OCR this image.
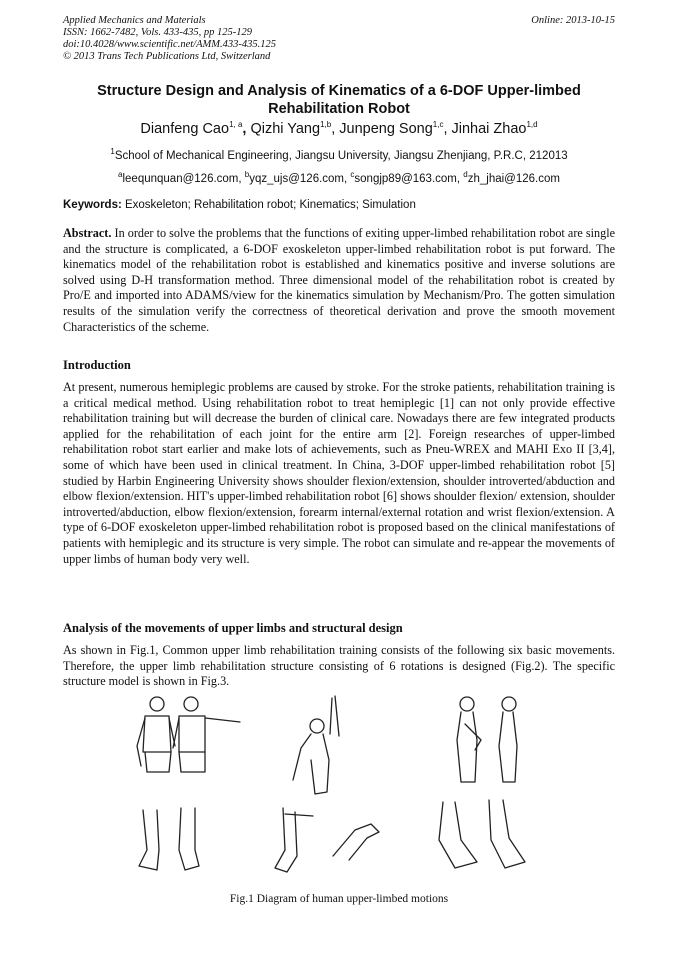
Applied Mechanics and Materials
ISSN: 1662-7482, Vols. 433-435, pp 125-129
doi:10.4028/www.scientific.net/AMM.433-435.125
© 2013 Trans Tech Publications Ltd, Switzerland
Online: 2013-10-15
Structure Design and Analysis of Kinematics of a 6-DOF Upper-limbed Rehabilitation Robot
Dianfeng Cao$^{1, a}$, Qizhi Yang$^{1,b}$, Junpeng Song$^{1,c}$, Jinhai Zhao$^{1,d}$
$^1$School of Mechanical Engineering, Jiangsu University, Jiangsu Zhenjiang, P.R.C, 212013
$^a$leequnquan@126.com, $^b$yqz_ujs@126.com, $^c$songjp89@163.com, $^d$zh_jhai@126.com
Keywords: Exoskeleton; Rehabilitation robot; Kinematics; Simulation
Abstract. In order to solve the problems that the functions of exiting upper-limbed rehabilitation robot are single and the structure is complicated, a 6-DOF exoskeleton upper-limbed rehabilitation robot is put forward. The kinematics model of the rehabilitation robot is established and kinematics positive and inverse solutions are solved using D-H transformation method. Three dimensional model of the rehabilitation robot is created by Pro/E and imported into ADAMS/view for the kinematics simulation by Mechanism/Pro. The gotten simulation results of the simulation verify the correctness of theoretical derivation and prove the smooth movement Characteristics of the scheme.
Introduction
At present, numerous hemiplegic problems are caused by stroke. For the stroke patients, rehabilitation training is a critical medical method. Using rehabilitation robot to treat hemiplegic [1] can not only provide effective rehabilitation training but will decrease the burden of clinical care. Nowadays there are few integrated products applied for the rehabilitation of each joint for the entire arm [2]. Foreign researches of upper-limbed rehabilitation robot start earlier and make lots of achievements, such as Pneu-WREX and MAHI Exo II [3,4], some of which have been used in clinical treatment. In China, 3-DOF upper-limbed rehabilitation robot [5] studied by Harbin Engineering University shows shoulder flexion/extension, shoulder introverted/abduction and elbow flexion/extension. HIT's upper-limbed rehabilitation robot [6] shows shoulder flexion/ extension, shoulder introverted/abduction, elbow flexion/extension, forearm internal/external rotation and wrist flexion/extension. A type of 6-DOF exoskeleton upper-limbed rehabilitation robot is proposed based on the clinical manifestations of patients with hemiplegic and its structure is very simple. The robot can simulate and re-appear the movements of upper limbs of human body very well.
Analysis of the movements of upper limbs and structural design
As shown in Fig.1, Common upper limb rehabilitation training consists of the following six basic movements. Therefore, the upper limb rehabilitation structure consisting of 6 rotations is designed (Fig.2). The specific structure model is shown in Fig.3.
Fig.1 Diagram of human upper-limbed motions
